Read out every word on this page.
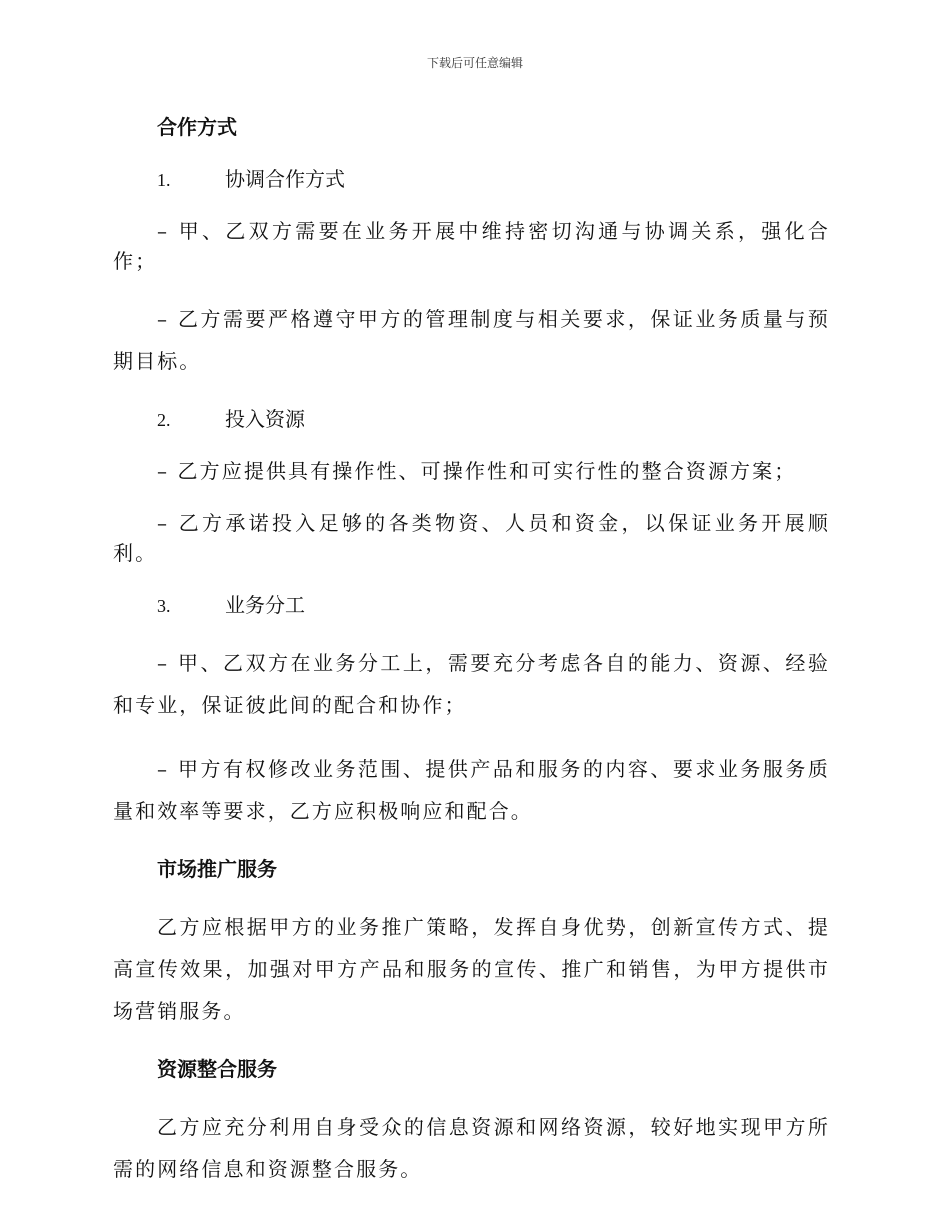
下载后可任意编辑
合作方式
1.	协调合作方式
– 甲、乙双方需要在业务开展中维持密切沟通与协调关系，强化合作；
– 乙方需要严格遵守甲方的管理制度与相关要求，保证业务质量与预期目标。
2.	投入资源
– 乙方应提供具有操作性、可操作性和可实行性的整合资源方案；
– 乙方承诺投入足够的各类物资、人员和资金，以保证业务开展顺利。
3.	业务分工
– 甲、乙双方在业务分工上，需要充分考虑各自的能力、资源、经验和专业，保证彼此间的配合和协作；
– 甲方有权修改业务范围、提供产品和服务的内容、要求业务服务质量和效率等要求，乙方应积极响应和配合。
市场推广服务
乙方应根据甲方的业务推广策略，发挥自身优势，创新宣传方式、提高宣传效果，加强对甲方产品和服务的宣传、推广和销售，为甲方提供市场营销服务。
资源整合服务
乙方应充分利用自身受众的信息资源和网络资源，较好地实现甲方所需的网络信息和资源整合服务。
